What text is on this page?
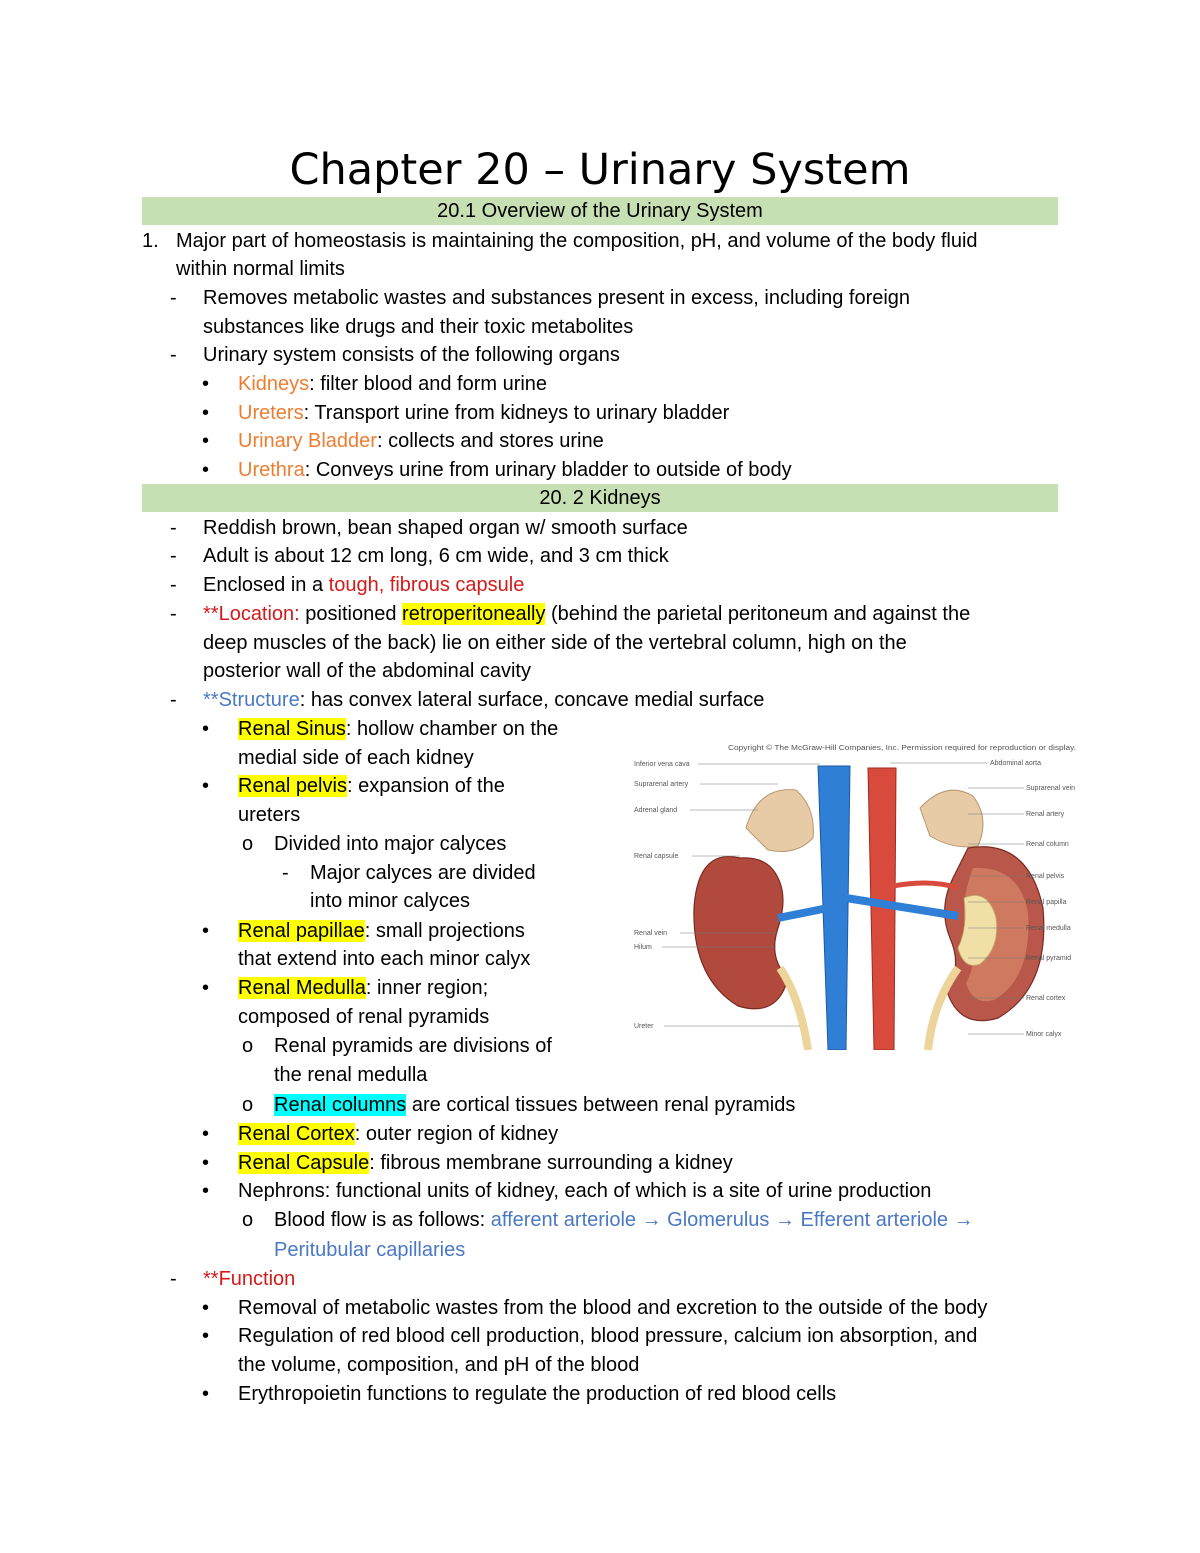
Chapter 20 – Urinary System
20.1 Overview of the Urinary System
1. Major part of homeostasis is maintaining the composition, pH, and volume of the body fluid
within normal limits
- Removes metabolic wastes and substances present in excess, including foreign
substances like drugs and their toxic metabolites
- Urinary system consists of the following organs
• Kidneys: filter blood and form urine
• Ureters: Transport urine from kidneys to urinary bladder
• Urinary Bladder: collects and stores urine
• Urethra: Conveys urine from urinary bladder to outside of body
20. 2 Kidneys
- Reddish brown, bean shaped organ w/ smooth surface
- Adult is about 12 cm long, 6 cm wide, and 3 cm thick
- Enclosed in a tough, fibrous capsule
- **Location: positioned retroperitoneally (behind the parietal peritoneum and against the
deep muscles of the back) lie on either side of the vertebral column, high on the
posterior wall of the abdominal cavity
- **Structure: has convex lateral surface, concave medial surface
• Renal Sinus: hollow chamber on the
medial side of each kidney
• Renal pelvis: expansion of the
ureters
o Divided into major calyces
- Major calyces are divided
into minor calyces
• Renal papillae: small projections
that extend into each minor calyx
• Renal Medulla: inner region;
composed of renal pyramids
o Renal pyramids are divisions of
the renal medulla
o Renal columns are cortical tissues between renal pyramids
• Renal Cortex: outer region of kidney
• Renal Capsule: fibrous membrane surrounding a kidney
• Nephrons: functional units of kidney, each of which is a site of urine production
o Blood flow is as follows: afferent arteriole → Glomerulus → Efferent arteriole →
Peritubular capillaries
- **Function
• Removal of metabolic wastes from the blood and excretion to the outside of the body
• Regulation of red blood cell production, blood pressure, calcium ion absorption, and
the volume, composition, and pH of the blood
• Erythropoietin functions to regulate the production of red blood cells
Copyright © The McGraw-Hill Companies, Inc. Permission required for reproduction or display.
Inferior vena cava
Suprarenal artery
Adrenal gland
Renal capsule
Renal vein
Hilum
Ureter
Abdominal aorta
Suprarenal vein
Renal artery
Renal column
Renal pelvis
Renal papilla
Renal medulla
Renal pyramid
Renal cortex
Minor calyx
